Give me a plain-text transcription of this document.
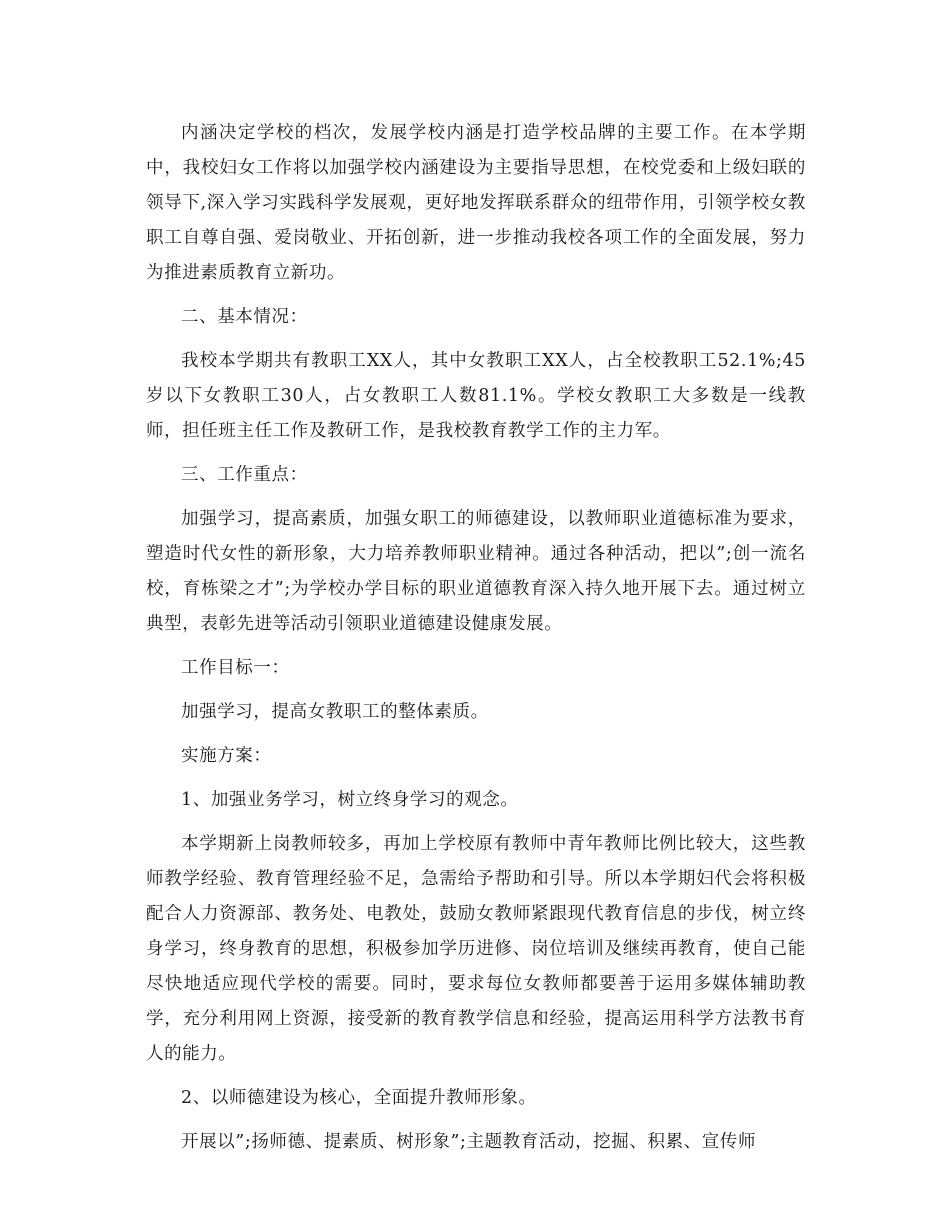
内涵决定学校的档次，发展学校内涵是打造学校品牌的主要工作。在本学期中，我校妇女工作将以加强学校内涵建设为主要指导思想，在校党委和上级妇联的领导下,深入学习实践科学发展观，更好地发挥联系群众的纽带作用，引领学校女教职工自尊自强、爱岗敬业、开拓创新，进一步推动我校各项工作的全面发展，努力为推进素质教育立新功。

二、基本情况：

我校本学期共有教职工XX人，其中女教职工XX人，占全校教职工52.1%;45岁以下女教职工30人，占女教职工人数81.1%。学校女教职工大多数是一线教师，担任班主任工作及教研工作，是我校教育教学工作的主力军。

三、工作重点：

加强学习，提高素质，加强女职工的师德建设，以教师职业道德标准为要求，塑造时代女性的新形象，大力培养教师职业精神。通过各种活动，把以”;创一流名校，育栋梁之才”;为学校办学目标的职业道德教育深入持久地开展下去。通过树立典型，表彰先进等活动引领职业道德建设健康发展。

工作目标一：

加强学习，提高女教职工的整体素质。

实施方案：

1、加强业务学习，树立终身学习的观念。

本学期新上岗教师较多，再加上学校原有教师中青年教师比例比较大，这些教师教学经验、教育管理经验不足，急需给予帮助和引导。所以本学期妇代会将积极配合人力资源部、教务处、电教处，鼓励女教师紧跟现代教育信息的步伐，树立终身学习，终身教育的思想，积极参加学历进修、岗位培训及继续再教育，使自己能尽快地适应现代学校的需要。同时，要求每位女教师都要善于运用多媒体辅助教学，充分利用网上资源，接受新的教育教学信息和经验，提高运用科学方法教书育人的能力。

2、以师德建设为核心，全面提升教师形象。

开展以”;扬师德、提素质、树形象”;主题教育活动，挖掘、积累、宣传师
